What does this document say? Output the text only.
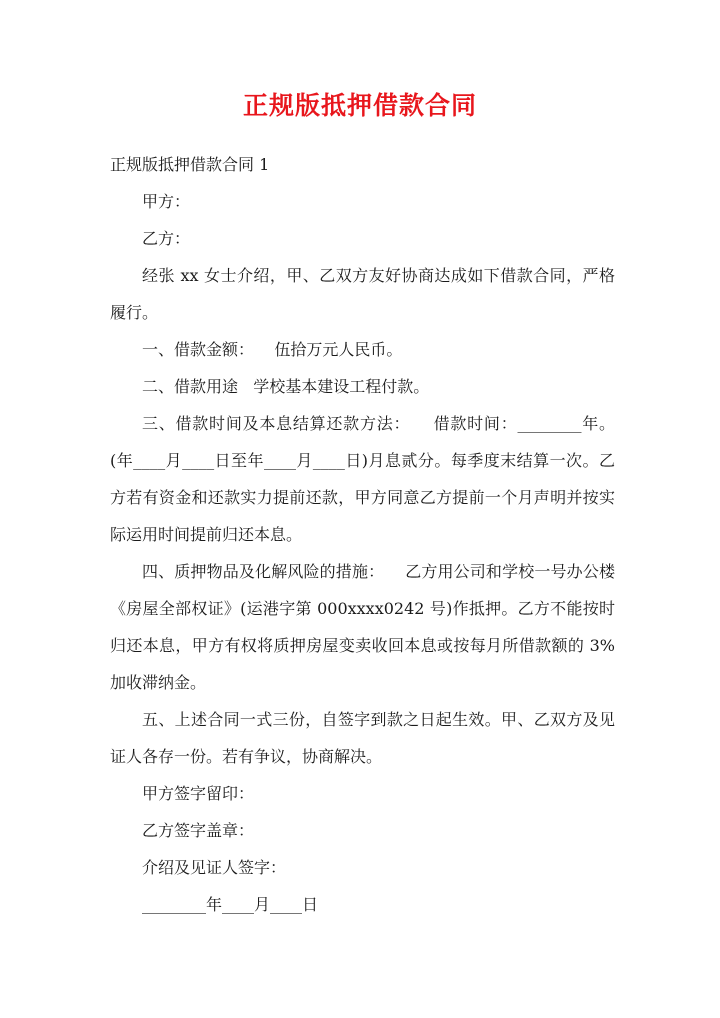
正规版抵押借款合同

正规版抵押借款合同 1

甲方：

乙方：

经张 xx 女士介绍，甲、乙双方友好协商达成如下借款合同，严格履行。

一、借款金额：    伍拾万元人民币。

二、借款用途   学校基本建设工程付款。

三、借款时间及本息结算还款方法：    借款时间：________年。(年____月____日至年____月____日)月息贰分。每季度末结算一次。乙方若有资金和还款实力提前还款，甲方同意乙方提前一个月声明并按实际运用时间提前归还本息。

四、质押物品及化解风险的措施：    乙方用公司和学校一号办公楼《房屋全部权证》(运港字第 000xxxx0242 号)作抵押。乙方不能按时归还本息，甲方有权将质押房屋变卖收回本息或按每月所借款额的 3%加收滞纳金。

五、上述合同一式三份，自签字到款之日起生效。甲、乙双方及见证人各存一份。若有争议，协商解决。

甲方签字留印：

乙方签字盖章：

介绍及见证人签字：

________年____月____日
